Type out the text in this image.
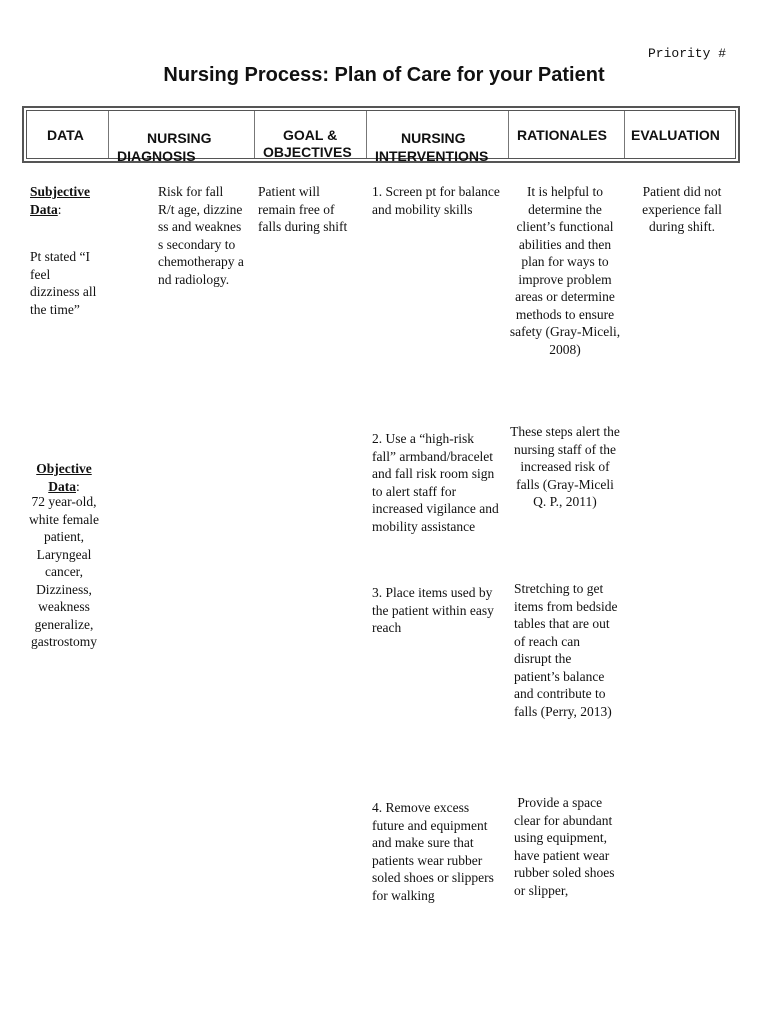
Priority #
Nursing Process: Plan of Care for your Patient
DATA	NURSING
DIAGNOSIS
GOAL &
OBJECTIVES
NURSING
INTERVENTIONS
RATIONALES EVALUATION
Subjective Data:
Pt stated “I feel dizziness all the time”
Objective Data:
72 year-old, white female patient, Laryngeal cancer, Dizziness, weakness generalize, gastrostomy
Risk for fall
R/t age, dizziness and weakness secondary to chemotherapy and radiology.
Patient will remain free of falls during shift
1. Screen pt for balance and mobility skills
2. Use a “high-risk fall” armband/bracelet and fall risk room sign to alert staff for increased vigilance and mobility assistance
3. Place items used by the patient within easy reach
4. Remove excess future and equipment and make sure that patients wear rubber soled shoes or slippers for walking
It is helpful to determine the client’s functional abilities and then plan for ways to improve problem areas or determine methods to ensure safety (Gray-Miceli, 2008)
These steps alert the nursing staff of the increased risk of falls (Gray-Miceli Q. P., 2011)
Stretching to get items from bedside tables that are out of reach can disrupt the patient’s balance and contribute to falls (Perry, 2013)
Provide a space clear for abundant using equipment, have patient wear rubber soled shoes or slipper,
Patient did not experience fall during shift.
